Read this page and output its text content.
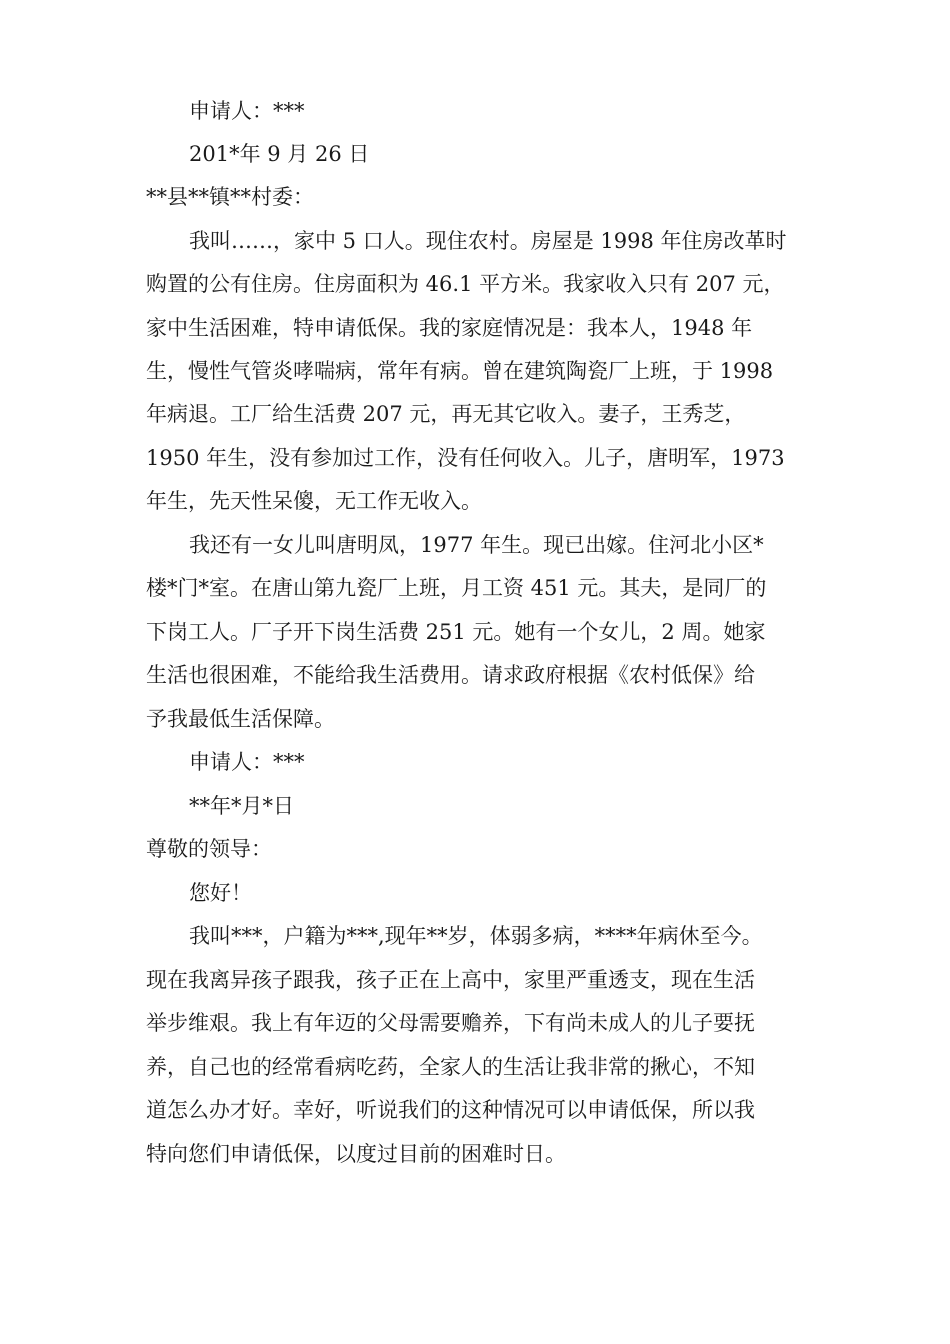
申请人：***
201*年 9 月 26 日
**县**镇**村委：
我叫……，家中 5 口人。现住农村。房屋是 1998 年住房改革时
购置的公有住房。住房面积为 46.1 平方米。我家收入只有 207 元，
家中生活困难，特申请低保。我的家庭情况是：我本人，1948 年
生，慢性气管炎哮喘病，常年有病。曾在建筑陶瓷厂上班，于 1998
年病退。工厂给生活费 207 元，再无其它收入。妻子，王秀芝，
1950 年生，没有参加过工作，没有任何收入。儿子，唐明军，1973
年生，先天性呆傻，无工作无收入。
我还有一女儿叫唐明凤，1977 年生。现已出嫁。住河北小区*
楼*门*室。在唐山第九瓷厂上班，月工资 451 元。其夫，是同厂的
下岗工人。厂子开下岗生活费 251 元。她有一个女儿，2 周。她家
生活也很困难，不能给我生活费用。请求政府根据《农村低保》给
予我最低生活保障。
申请人：***
**年*月*日
尊敬的领导：
您好！
我叫***，户籍为***,现年**岁，体弱多病，****年病休至今。
现在我离异孩子跟我，孩子正在上高中，家里严重透支，现在生活
举步维艰。我上有年迈的父母需要赡养，下有尚未成人的儿子要抚
养，自己也的经常看病吃药，全家人的生活让我非常的揪心，不知
道怎么办才好。幸好，听说我们的这种情况可以申请低保，所以我
特向您们申请低保，以度过目前的困难时日。
